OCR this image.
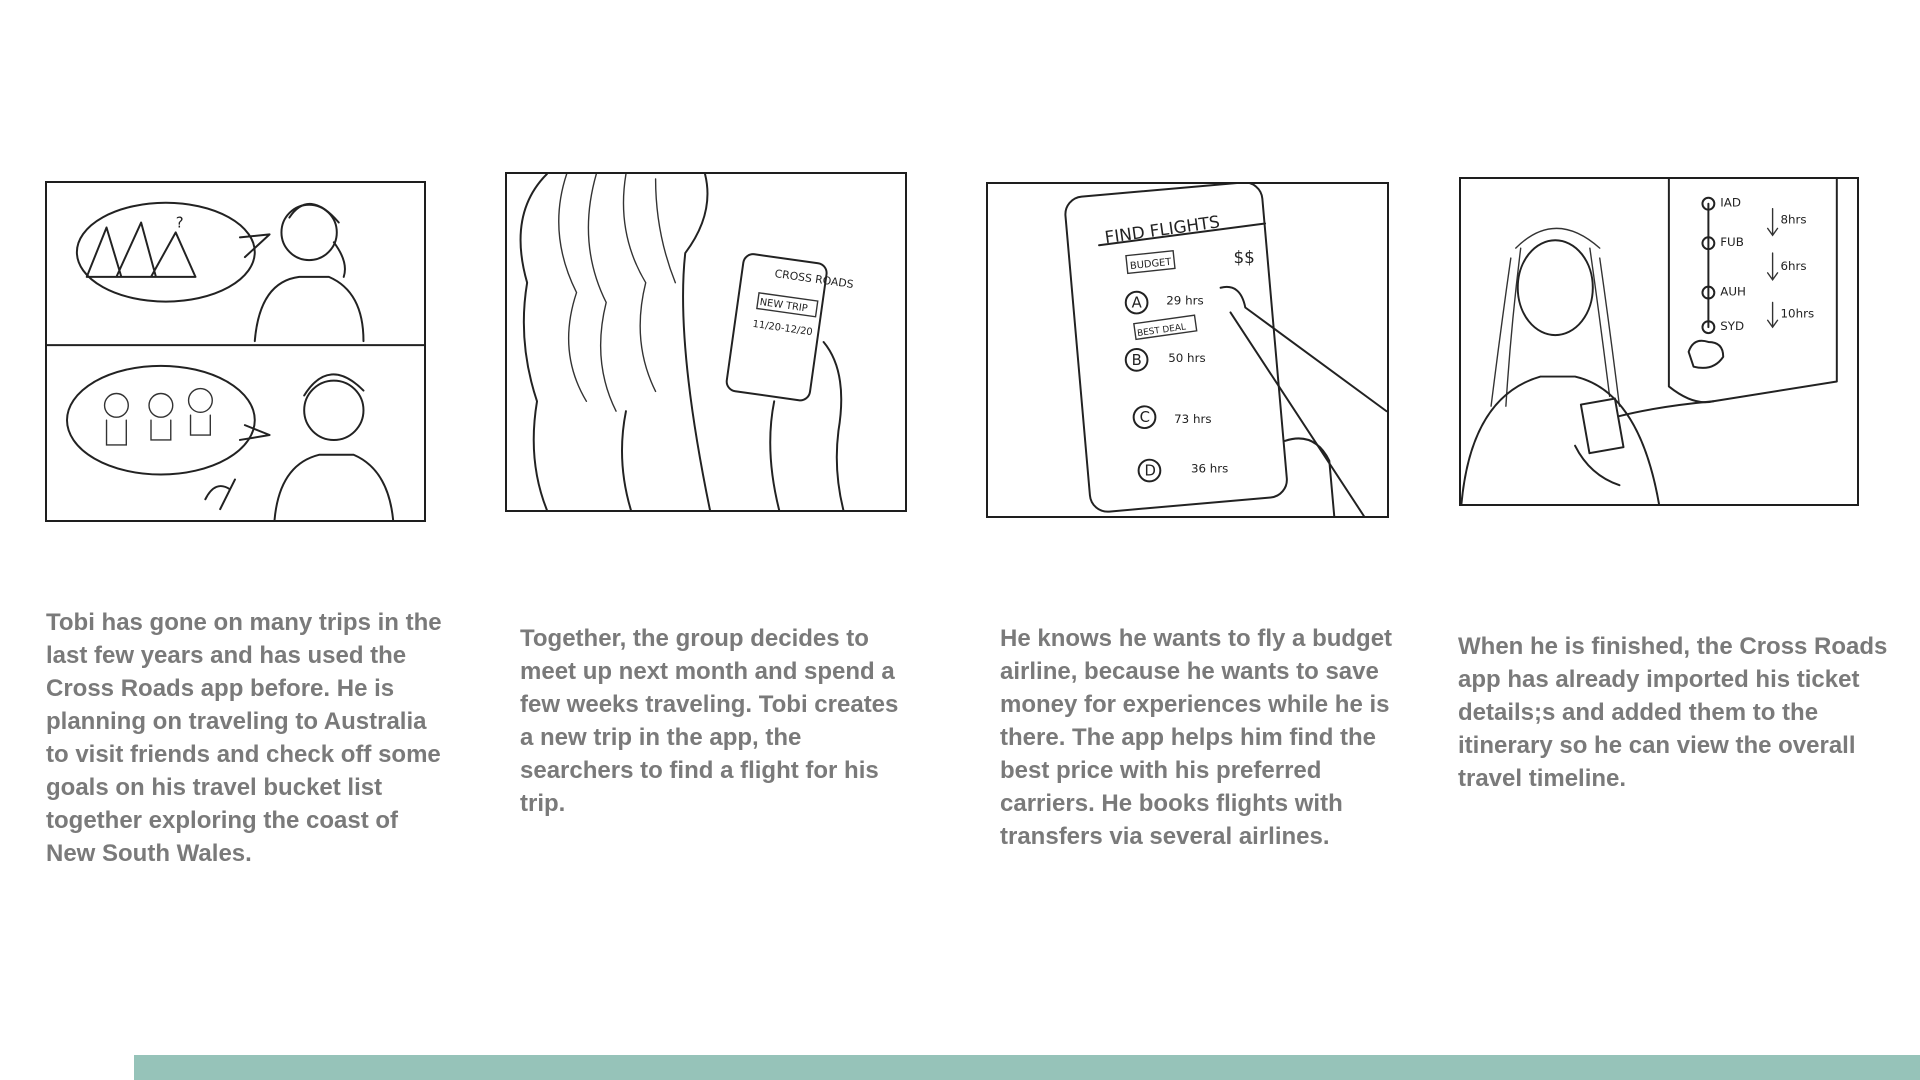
?
CROSS ROADS
NEW TRIP
11/20-12/20
FIND FLIGHTS
BUDGET	$$
BEST DEAL
A 29 hrs
B 50 hrs
C 73 hrs
D	36 hrs
IAD
FUB
AUH
SYD
8hrs
6hrs
10hrs

Tobi has gone on many trips in the last few years and has used the Cross Roads app before. He is planning on traveling to Australia to visit friends and check off some goals on his travel bucket list together exploring the coast of New South Wales.

Together, the group decides to meet up next month and spend a few weeks traveling. Tobi creates a new trip in the app, the searchers to find a flight for his trip.

He knows he wants to fly a budget airline, because he wants to save money for experiences while he is there. The app helps him find the best price with his preferred carriers. He books flights with transfers via several airlines.

When he is finished, the Cross Roads app has already imported his ticket details;s and added them to the itinerary so he can view the overall travel timeline.
